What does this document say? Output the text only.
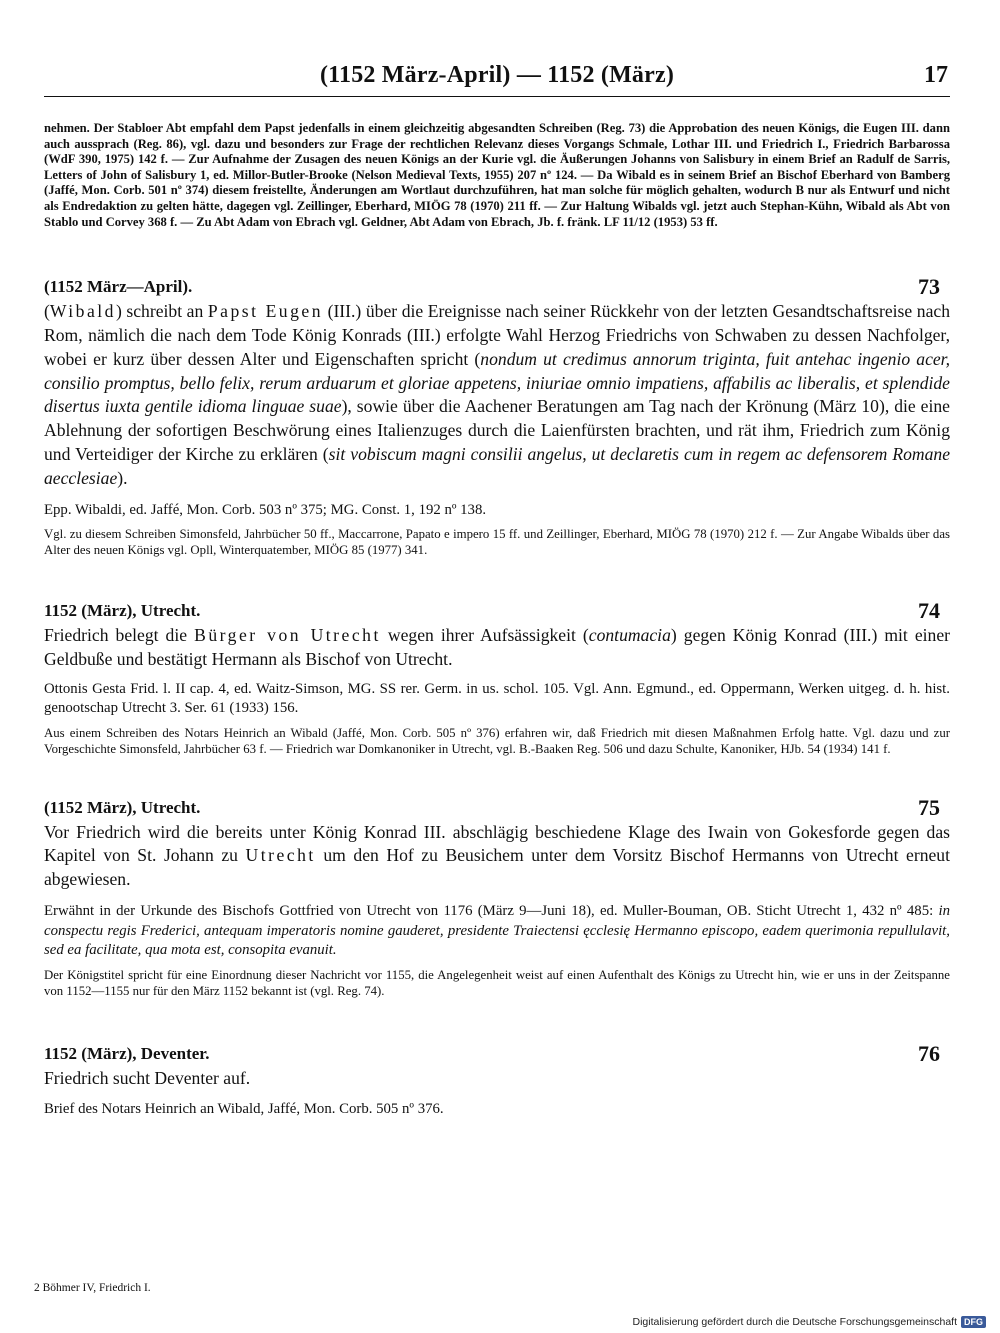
(1152 März-April) — 1152 (März)	17

nehmen. Der Stabloer Abt empfahl dem Papst jedenfalls in einem gleichzeitig abgesandten Schreiben (Reg. 73) die Approbation des neuen Königs, die Eugen III. dann auch aussprach (Reg. 86), vgl. dazu und besonders zur Frage der rechtlichen Relevanz dieses Vorgangs Schmale, Lothar III. und Friedrich I., Friedrich Barbarossa (WdF 390, 1975) 142 f. — Zur Aufnahme der Zusagen des neuen Königs an der Kurie vgl. die Äußerungen Johanns von Salisbury in einem Brief an Radulf de Sarris, Letters of John of Salisbury 1, ed. Millor-Butler-Brooke (Nelson Medieval Texts, 1955) 207 nº 124. — Da Wibald es in seinem Brief an Bischof Eberhard von Bamberg (Jaffé, Mon. Corb. 501 nº 374) diesem freistellte, Änderungen am Wortlaut durchzuführen, hat man solche für möglich gehalten, wodurch B nur als Entwurf und nicht als Endredaktion zu gelten hätte, dagegen vgl. Zeillinger, Eberhard, MIÖG 78 (1970) 211 ff. — Zur Haltung Wibalds vgl. jetzt auch Stephan-Kühn, Wibald als Abt von Stablo und Corvey 368 f. — Zu Abt Adam von Ebrach vgl. Geldner, Abt Adam von Ebrach, Jb. f. fränk. LF 11/12 (1953) 53 ff.

(1152 März—April).	73

(Wibald) schreibt an Papst Eugen (III.) über die Ereignisse nach seiner Rückkehr von der letzten Gesandtschaftsreise nach Rom, nämlich die nach dem Tode König Konrads (III.) erfolgte Wahl Herzog Friedrichs von Schwaben zu dessen Nachfolger, wobei er kurz über dessen Alter und Eigenschaften spricht (nondum ut credimus annorum triginta, fuit antehac ingenio acer, consilio promptus, bello felix, rerum arduarum et gloriae appetens, iniuriae omnio impatiens, affabilis ac liberalis, et splendide disertus iuxta gentile idioma linguae suae), sowie über die Aachener Beratungen am Tag nach der Krönung (März 10), die eine Ablehnung der sofortigen Beschwörung eines Italienzuges durch die Laienfürsten brachten, und rät ihm, Friedrich zum König und Verteidiger der Kirche zu erklären (sit vobiscum magni consilii angelus, ut declaretis cum in regem ac defensorem Romane aecclesiae).

Epp. Wibaldi, ed. Jaffé, Mon. Corb. 503 nº 375; MG. Const. 1, 192 nº 138.

Vgl. zu diesem Schreiben Simonsfeld, Jahrbücher 50 ff., Maccarrone, Papato e impero 15 ff. und Zeillinger, Eberhard, MIÖG 78 (1970) 212 f. — Zur Angabe Wibalds über das Alter des neuen Königs vgl. Opll, Winterquatember, MIÖG 85 (1977) 341.

1152 (März), Utrecht.	74

Friedrich belegt die Bürger von Utrecht wegen ihrer Aufsässigkeit (contumacia) gegen König Konrad (III.) mit einer Geldbuße und bestätigt Hermann als Bischof von Utrecht.

Ottonis Gesta Frid. l. II cap. 4, ed. Waitz-Simson, MG. SS rer. Germ. in us. schol. 105. Vgl. Ann. Egmund., ed. Oppermann, Werken uitgeg. d. h. hist. genootschap Utrecht 3. Ser. 61 (1933) 156.

Aus einem Schreiben des Notars Heinrich an Wibald (Jaffé, Mon. Corb. 505 nº 376) erfahren wir, daß Friedrich mit diesen Maßnahmen Erfolg hatte. Vgl. dazu und zur Vorgeschichte Simonsfeld, Jahrbücher 63 f. — Friedrich war Domkanoniker in Utrecht, vgl. B.-Baaken Reg. 506 und dazu Schulte, Kanoniker, HJb. 54 (1934) 141 f.

(1152 März), Utrecht.	75

Vor Friedrich wird die bereits unter König Konrad III. abschlägig beschiedene Klage des Iwain von Gokesforde gegen das Kapitel von St. Johann zu Utrecht um den Hof zu Beusichem unter dem Vorsitz Bischof Hermanns von Utrecht erneut abgewiesen.

Erwähnt in der Urkunde des Bischofs Gottfried von Utrecht von 1176 (März 9—Juni 18), ed. Muller-Bouman, OB. Sticht Utrecht 1, 432 nº 485: in conspectu regis Frederici, antequam imperatoris nomine gauderet, presidente Traiectensi ęcclesię Hermanno episcopo, eadem querimonia repullulavit, sed ea facilitate, qua mota est, consopita evanuit.

Der Königstitel spricht für eine Einordnung dieser Nachricht vor 1155, die Angelegenheit weist auf einen Aufenthalt des Königs zu Utrecht hin, wie er uns in der Zeitspanne von 1152—1155 nur für den März 1152 bekannt ist (vgl. Reg. 74).

1152 (März), Deventer.	76

Friedrich sucht Deventer auf.

Brief des Notars Heinrich an Wibald, Jaffé, Mon. Corb. 505 nº 376.

2 Böhmer IV, Friedrich I.
Digitalisierung gefördert durch die Deutsche Forschungsgemeinschaft DFG
